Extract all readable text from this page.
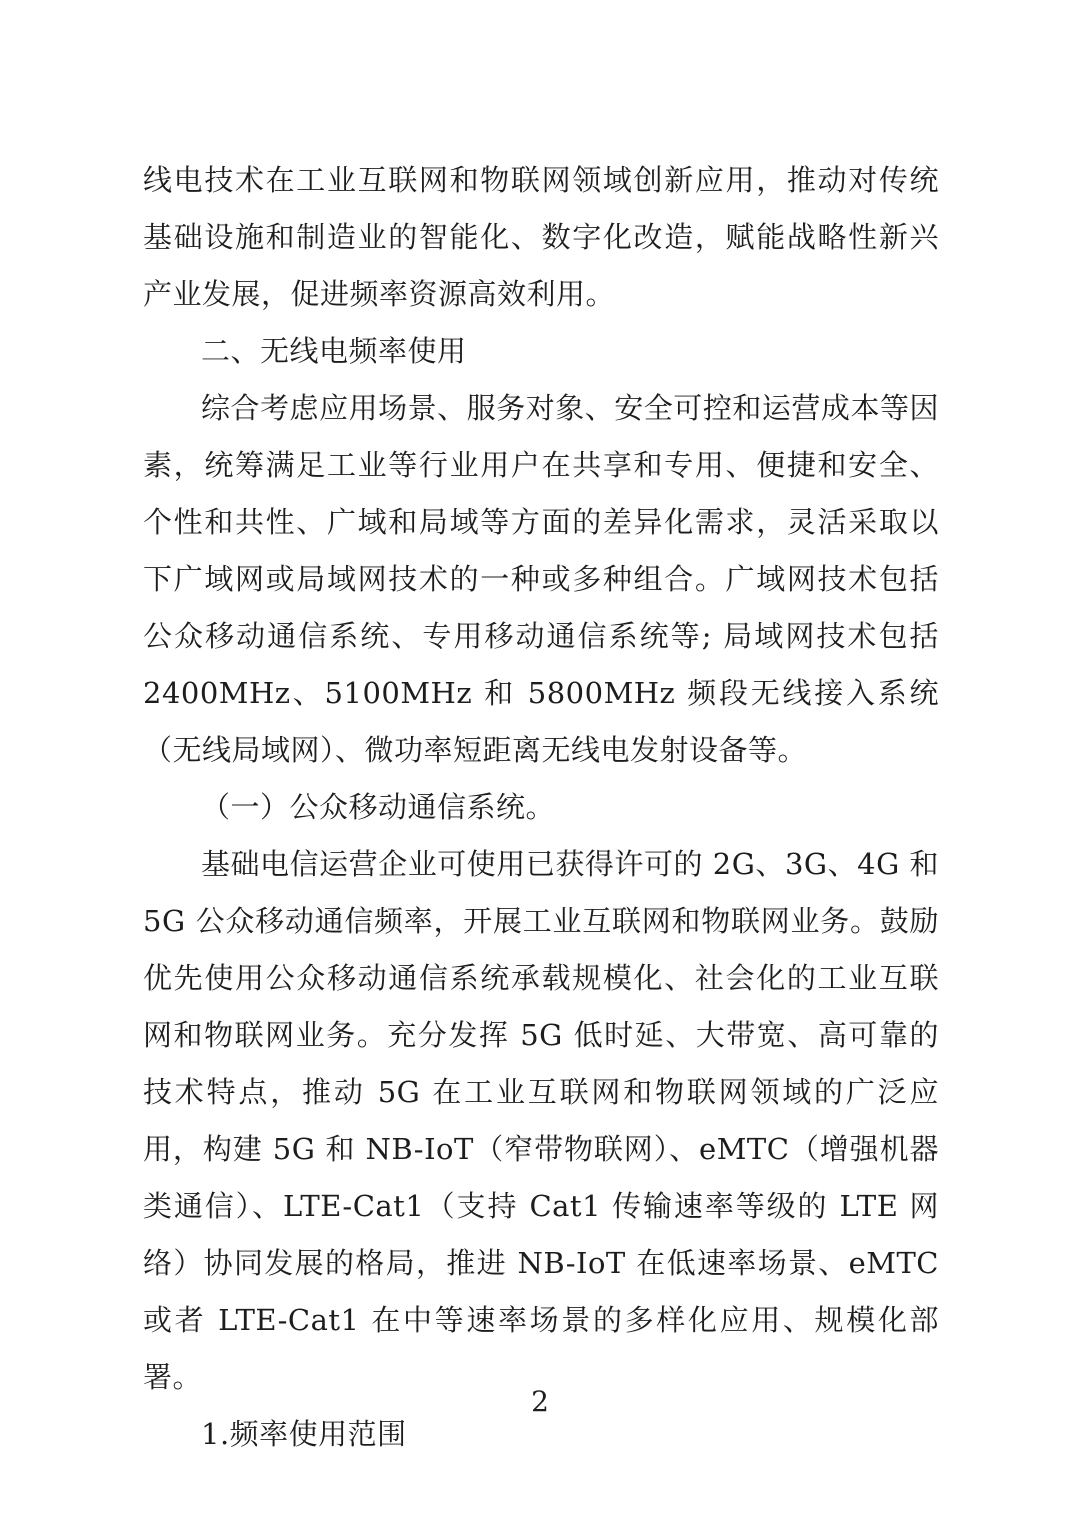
线电技术在工业互联网和物联网领域创新应用，推动对传统基础设施和制造业的智能化、数字化改造，赋能战略性新兴产业发展，促进频率资源高效利用。

二、无线电频率使用

综合考虑应用场景、服务对象、安全可控和运营成本等因素，统筹满足工业等行业用户在共享和专用、便捷和安全、个性和共性、广域和局域等方面的差异化需求，灵活采取以下广域网或局域网技术的一种或多种组合。广域网技术包括公众移动通信系统、专用移动通信系统等; 局域网技术包括 2400MHz、5100MHz 和 5800MHz 频段无线接入系统（无线局域网）、微功率短距离无线电发射设备等。

（一）公众移动通信系统。

基础电信运营企业可使用已获得许可的 2G、3G、4G 和 5G 公众移动通信频率，开展工业互联网和物联网业务。鼓励优先使用公众移动通信系统承载规模化、社会化的工业互联网和物联网业务。充分发挥 5G 低时延、大带宽、高可靠的技术特点，推动 5G 在工业互联网和物联网领域的广泛应用，构建 5G 和 NB-IoT（窄带物联网）、eMTC（增强机器类通信）、LTE-Cat1（支持 Cat1 传输速率等级的 LTE 网络）协同发展的格局，推进 NB-IoT 在低速率场景、eMTC 或者 LTE-Cat1 在中等速率场景的多样化应用、规模化部署。

1.频率使用范围
2
